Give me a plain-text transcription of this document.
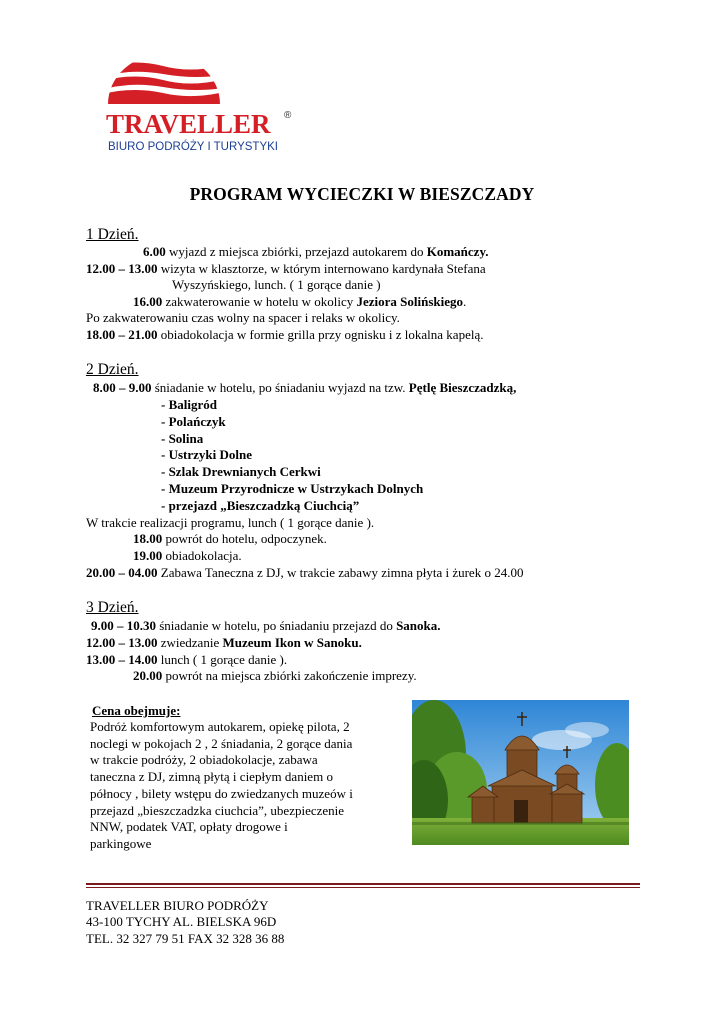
TRAVELLER ®
BIURO PODRÓŻY I TURYSTYKI
PROGRAM WYCIECZKI W BIESZCZADY
1 Dzień.
6.00 wyjazd z miejsca zbiórki, przejazd autokarem do Komańczy.
12.00 – 13.00 wizyta w klasztorze, w którym internowano kardynała Stefana
Wyszyńskiego, lunch. ( 1 gorące danie )
16.00 zakwaterowanie w hotelu w okolicy Jeziora Solińskiego.
Po zakwaterowaniu czas wolny na spacer i relaks w okolicy.
18.00 – 21.00 obiadokolacja w formie grilla przy ognisku i z lokalna kapelą.
2 Dzień.
8.00 – 9.00 śniadanie w hotelu, po śniadaniu wyjazd na tzw. Pętlę Bieszczadzką,
- Baligród
- Polańczyk
- Solina
- Ustrzyki Dolne
- Szlak Drewnianych Cerkwi
- Muzeum Przyrodnicze w Ustrzykach Dolnych
- przejazd „Bieszczadzką Ciuchcią”
W trakcie realizacji programu, lunch ( 1 gorące danie ).
18.00 powrót do hotelu, odpoczynek.
19.00 obiadokolacja.
20.00 – 04.00 Zabawa Taneczna z DJ, w trakcie zabawy zimna płyta i żurek o 24.00
3 Dzień.
9.00 – 10.30 śniadanie w hotelu, po śniadaniu przejazd do Sanoka.
12.00 – 13.00 zwiedzanie Muzeum Ikon w Sanoku.
13.00 – 14.00 lunch ( 1 gorące danie ).
20.00 powrót na miejsca zbiórki zakończenie imprezy.
Cena obejmuje:
Podróż komfortowym autokarem, opiekę pilota, 2
noclegi w pokojach 2 , 2 śniadania, 2 gorące dania
w trakcie podróży, 2 obiadokolacje, zabawa
taneczna z DJ, zimną płytą i ciepłym daniem o
północy , bilety wstępu do zwiedzanych muzeów i
przejazd „bieszczadzka ciuchcia”, ubezpieczenie
NNW, podatek VAT, opłaty drogowe i
parkingowe
TRAVELLER BIURO PODRÓŻY
43-100 TYCHY AL. BIELSKA 96D
TEL. 32 327 79 51 FAX 32 328 36 88
